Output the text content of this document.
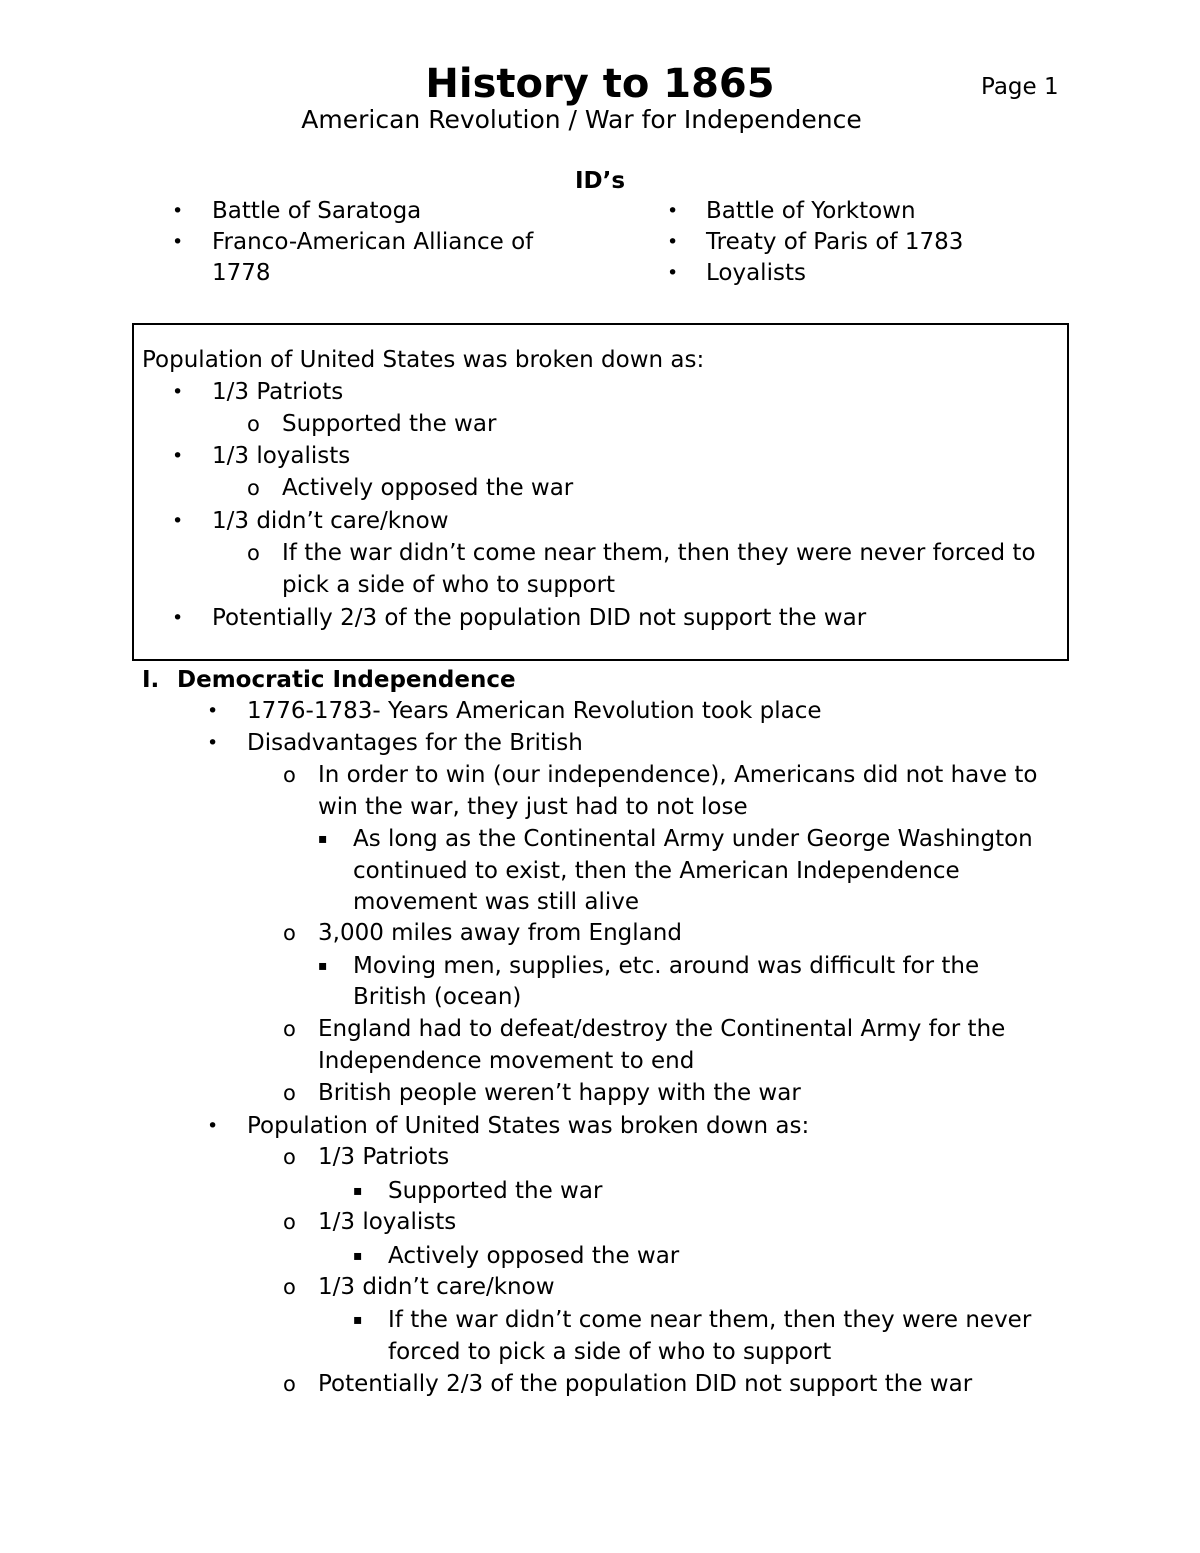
History to 1865	Page 1
American Revolution / War for Independence
ID’s
• Battle of Saratoga
• Franco-American Alliance of
1778
• Battle of Yorktown
• Treaty of Paris of 1783
• Loyalists
Population of United States was broken down as:
• 1/3 Patriots
o Supported the war
• 1/3 loyalists
o Actively opposed the war
• 1/3 didn’t care/know
o If the war didn’t come near them, then they were never forced to
pick a side of who to support
• Potentially 2/3 of the population DID not support the war
I. Democratic Independence
• 1776-1783- Years American Revolution took place
• Disadvantages for the British
o In order to win (our independence), Americans did not have to
win the war, they just had to not lose
▪ As long as the Continental Army under George Washington
continued to exist, then the American Independence
movement was still alive
o 3,000 miles away from England
▪ Moving men, supplies, etc. around was difficult for the
British (ocean)
o England had to defeat/destroy the Continental Army for the
Independence movement to end
o British people weren’t happy with the war
• Population of United States was broken down as:
o 1/3 Patriots
▪ Supported the war
o 1/3 loyalists
▪ Actively opposed the war
o 1/3 didn’t care/know
▪ If the war didn’t come near them, then they were never
forced to pick a side of who to support
o Potentially 2/3 of the population DID not support the war
